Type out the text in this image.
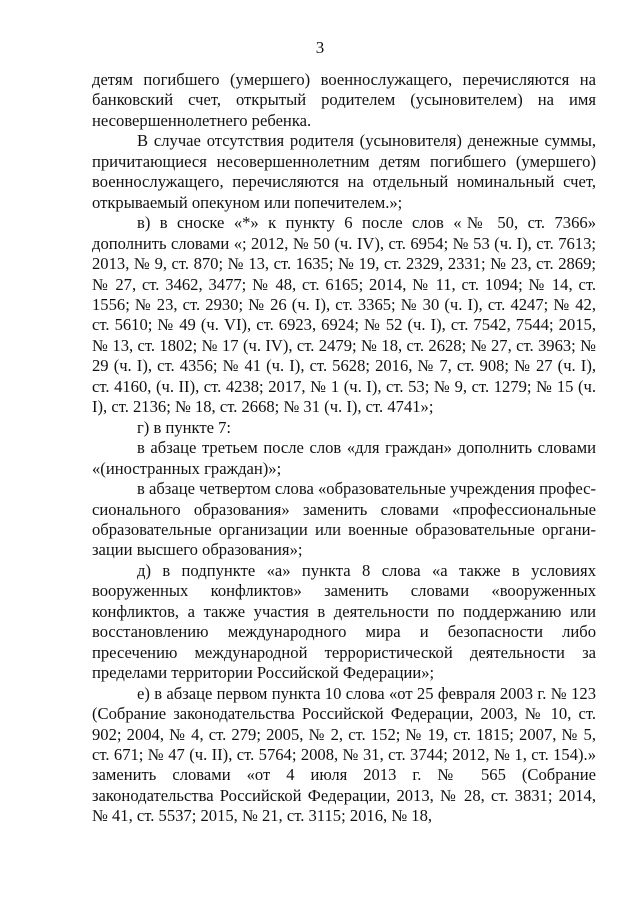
3

детям погибшего (умершего) военнослужащего, перечисляются на банковский счет, открытый родителем (усыновителем) на имя несовершеннолетнего ребенка.

В случае отсутствия родителя (усыновителя) денежные суммы, причитающиеся несовершеннолетним детям погибшего (умершего) военнослужащего, перечисляются на отдельный номинальный счет, открываемый опекуном или попечителем.»;

в) в сноске «*» к пункту 6 после слов «№ 50, ст. 7366» дополнить словами «; 2012, № 50 (ч. IV), ст. 6954; № 53 (ч. I), ст. 7613; 2013, № 9, ст. 870; № 13, ст. 1635; № 19, ст. 2329, 2331; № 23, ст. 2869; № 27, ст. 3462, 3477; № 48, ст. 6165; 2014, № 11, ст. 1094; № 14, ст. 1556; № 23, ст. 2930; № 26 (ч. I), ст. 3365; № 30 (ч. I), ст. 4247; № 42, ст. 5610; № 49 (ч. VI), ст. 6923, 6924; № 52 (ч. I), ст. 7542, 7544; 2015, № 13, ст. 1802; № 17 (ч. IV), ст. 2479; № 18, ст. 2628; № 27, ст. 3963; № 29 (ч. I), ст. 4356; № 41 (ч. I), ст. 5628; 2016, № 7, ст. 908; № 27 (ч. I), ст. 4160, (ч. II), ст. 4238; 2017, № 1 (ч. I), ст. 53; № 9, ст. 1279; № 15 (ч. I), ст. 2136; № 18, ст. 2668; № 31 (ч. I), ст. 4741»;

г) в пункте 7:

в абзаце третьем после слов «для граждан» дополнить словами «(иностранных граждан)»;

в абзаце четвертом слова «образовательные учреждения профессионального образования» заменить словами «профессиональные образовательные организации или военные образовательные организации высшего образования»;

д) в подпункте «а» пункта 8 слова «а также в условиях вооруженных конфликтов» заменить словами «вооруженных конфликтов, а также участия в деятельности по поддержанию или восстановлению международного мира и безопасности либо пресечению международной террористической деятельности за пределами территории Российской Федерации»;

е) в абзаце первом пункта 10 слова «от 25 февраля 2003 г. № 123 (Собрание законодательства Российской Федерации, 2003, № 10, ст. 902; 2004, № 4, ст. 279; 2005, № 2, ст. 152; № 19, ст. 1815; 2007, № 5, ст. 671; № 47 (ч. II), ст. 5764; 2008, № 31, ст. 3744; 2012, № 1, ст. 154).» заменить словами «от 4 июля 2013 г. № 565 (Собрание законодательства Российской Федерации, 2013, № 28, ст. 3831; 2014, № 41, ст. 5537; 2015, № 21, ст. 3115; 2016, № 18,
